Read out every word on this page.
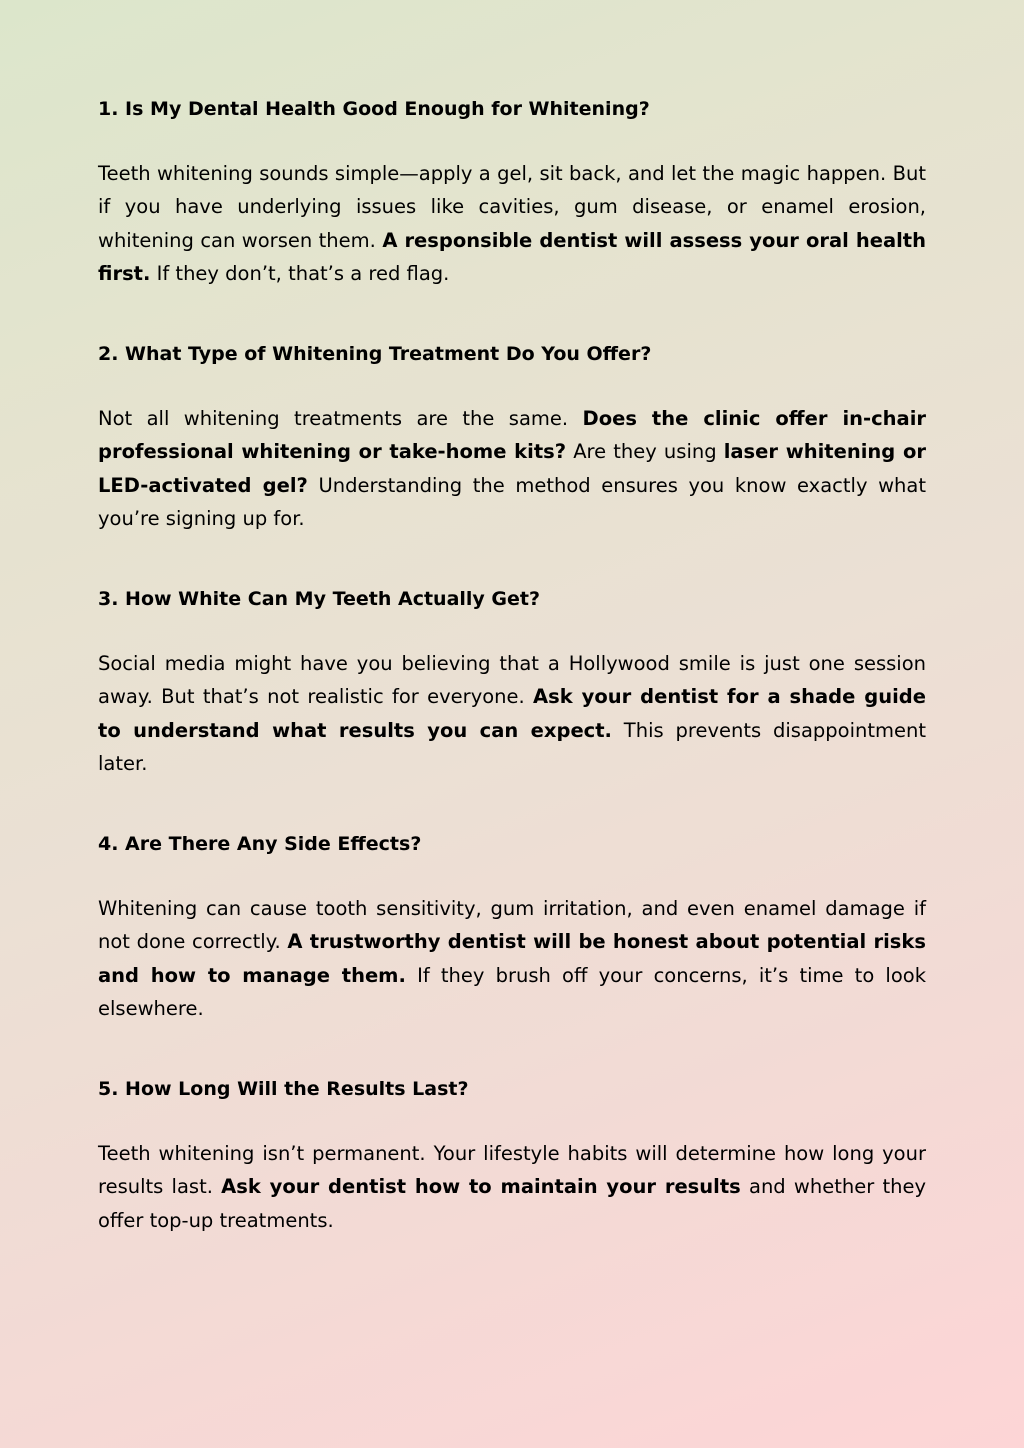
1. Is My Dental Health Good Enough for Whitening?

Teeth whitening sounds simple—apply a gel, sit back, and let the magic happen. But if you have underlying issues like cavities, gum disease, or enamel erosion, whitening can worsen them. A responsible dentist will assess your oral health first. If they don’t, that’s a red flag.

2. What Type of Whitening Treatment Do You Offer?

Not all whitening treatments are the same. Does the clinic offer in-chair professional whitening or take-home kits? Are they using laser whitening or LED-activated gel? Understanding the method ensures you know exactly what you’re signing up for.

3. How White Can My Teeth Actually Get?

Social media might have you believing that a Hollywood smile is just one session away. But that’s not realistic for everyone. Ask your dentist for a shade guide to understand what results you can expect. This prevents disappointment later.

4. Are There Any Side Effects?

Whitening can cause tooth sensitivity, gum irritation, and even enamel damage if not done correctly. A trustworthy dentist will be honest about potential risks and how to manage them. If they brush off your concerns, it’s time to look elsewhere.

5. How Long Will the Results Last?

Teeth whitening isn’t permanent. Your lifestyle habits will determine how long your results last. Ask your dentist how to maintain your results and whether they offer top-up treatments.
